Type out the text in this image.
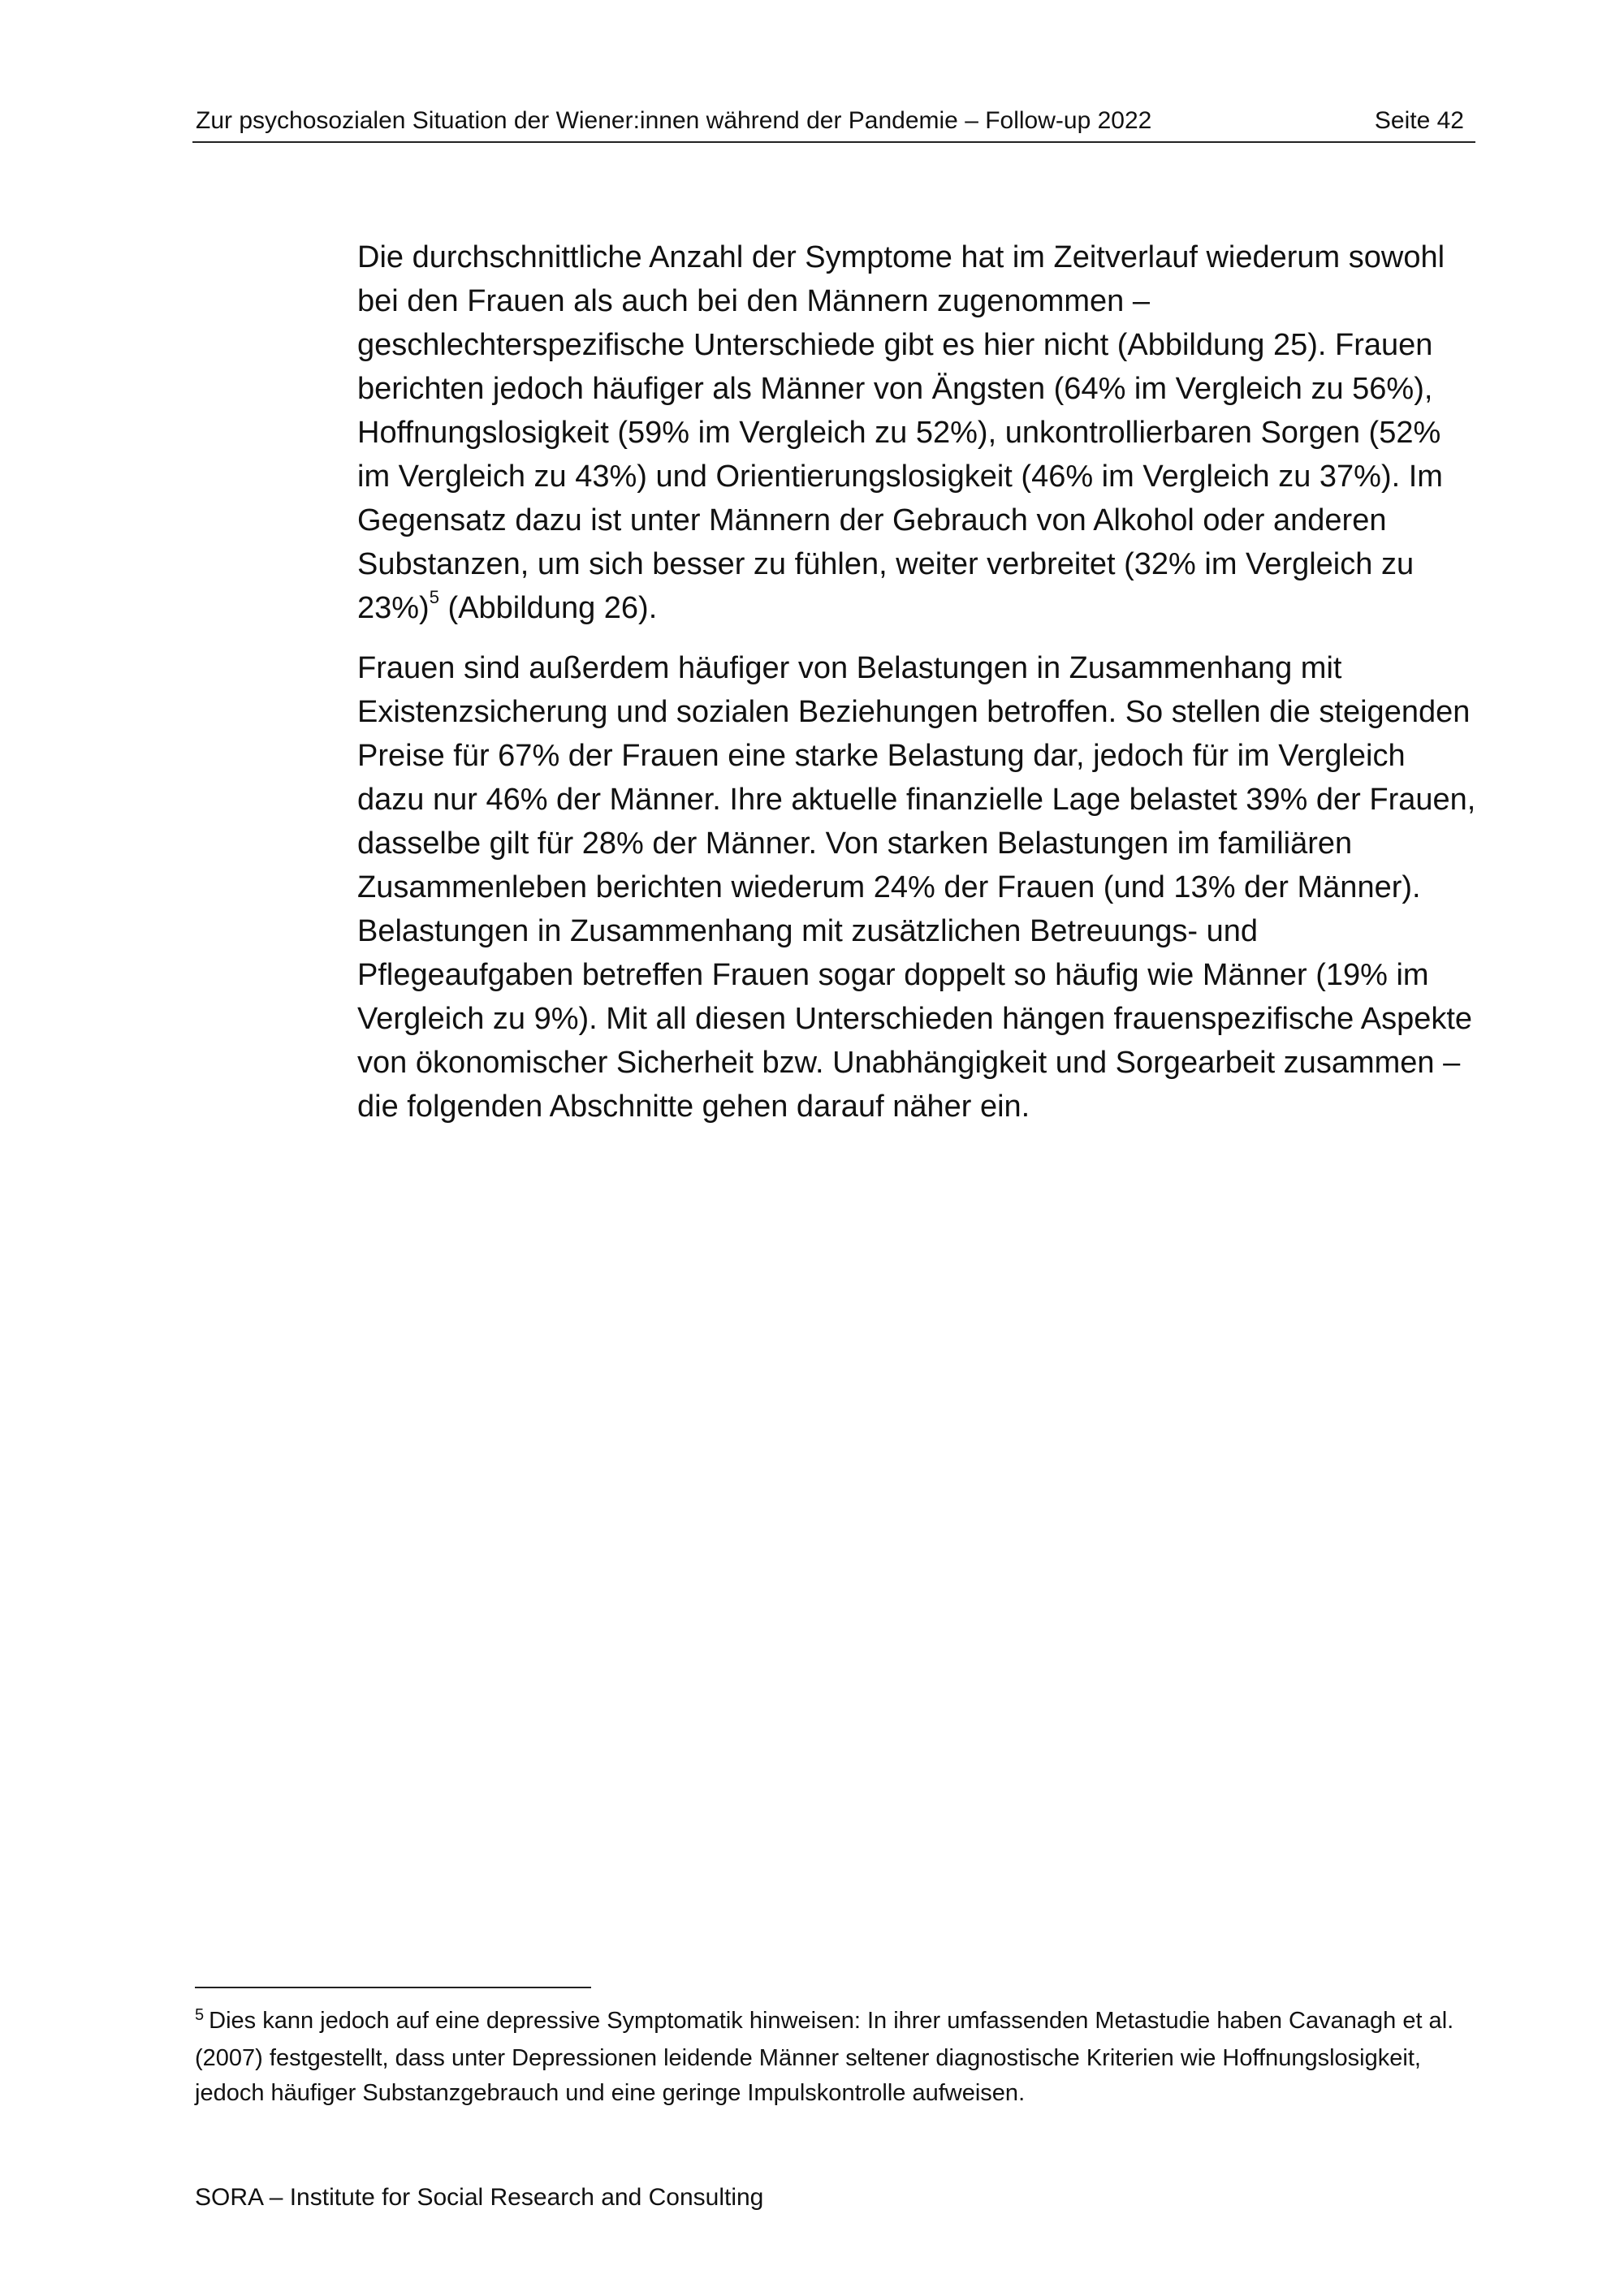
Zur psychosozialen Situation der Wiener:innen während der Pandemie – Follow-up 2022	Seite 42

Die durchschnittliche Anzahl der Symptome hat im Zeitverlauf wiederum sowohl bei den Frauen als auch bei den Männern zugenommen – geschlechterspezifische Unterschiede gibt es hier nicht (Abbildung 25). Frauen berichten jedoch häufiger als Männer von Ängsten (64% im Vergleich zu 56%), Hoffnungslosigkeit (59% im Vergleich zu 52%), unkontrollierbaren Sorgen (52% im Vergleich zu 43%) und Orientierungslosigkeit (46% im Vergleich zu 37%). Im Gegensatz dazu ist unter Männern der Gebrauch von Alkohol oder anderen Substanzen, um sich besser zu fühlen, weiter verbreitet (32% im Vergleich zu 23%)$^5$ (Abbildung 26).

Frauen sind außerdem häufiger von Belastungen in Zusammenhang mit Existenzsicherung und sozialen Beziehungen betroffen. So stellen die steigenden Preise für 67% der Frauen eine starke Belastung dar, jedoch für im Vergleich dazu nur 46% der Männer. Ihre aktuelle finanzielle Lage belastet 39% der Frauen, dasselbe gilt für 28% der Männer. Von starken Belastungen im familiären Zusammenleben berichten wiederum 24% der Frauen (und 13% der Männer). Belastungen in Zusammenhang mit zusätzlichen Betreuungs- und Pflegeaufgaben betreffen Frauen sogar doppelt so häufig wie Männer (19% im Vergleich zu 9%). Mit all diesen Unterschieden hängen frauenspezifische Aspekte von ökonomischer Sicherheit bzw. Unabhängigkeit und Sorgearbeit zusammen – die folgenden Abschnitte gehen darauf näher ein.

$^5$ Dies kann jedoch auf eine depressive Symptomatik hinweisen: In ihrer umfassenden Metastudie haben Cavanagh et al. (2007) festgestellt, dass unter Depressionen leidende Männer seltener diagnostische Kriterien wie Hoffnungslosigkeit, jedoch häufiger Substanzgebrauch und eine geringe Impulskontrolle aufweisen.
SORA – Institute for Social Research and Consulting
